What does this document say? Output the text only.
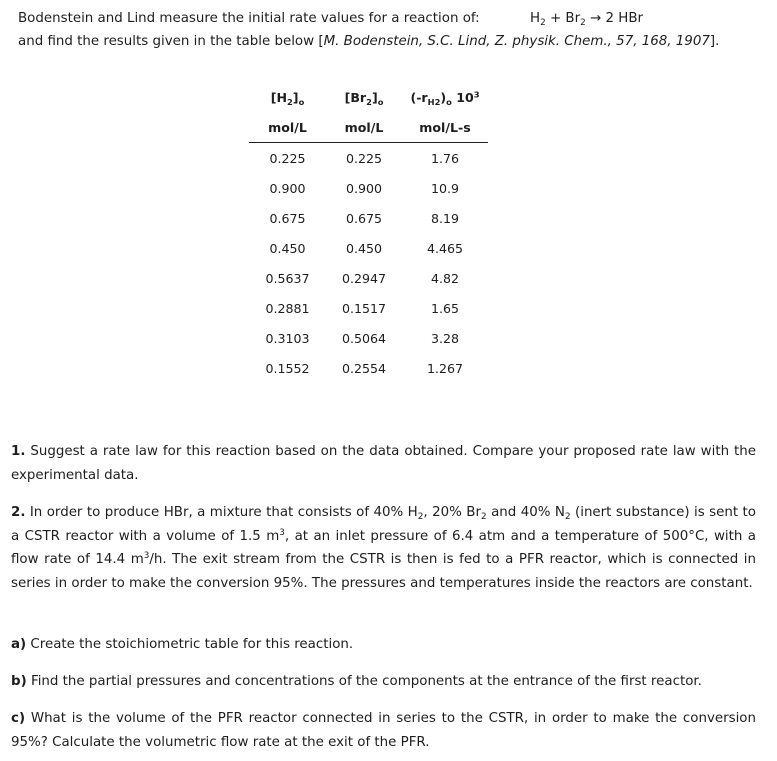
Bodenstein and Lind measure the initial rate values for a reaction of:	$H_2 + Br_2 \to 2$ HBr
and find the results given in the table below [M. Bodenstein, S.C. Lind, Z. physik. Chem., 57, 168, 1907].
$[H_2]_o$	$[Br_2]_o$	$(-r_{H2})_o$ $10^3$
mol/L	mol/L	mol/L-s
0.225	0.225	1.76
0.900	0.900	10.9
0.675	0.675	8.19
0.450	0.450	4.465
0.5637	0.2947	4.82
0.2881	0.1517	1.65
0.3103	0.5064	3.28
0.1552	0.2554	1.267
1. Suggest a rate law for this reaction based on the data obtained. Compare your proposed rate law with the experimental data.
2. In order to produce HBr, a mixture that consists of 40% $H_2$, 20% $Br_2$ and 40% $N_2$ (inert substance) is sent to a CSTR reactor with a volume of 1.5 $m^3$, at an inlet pressure of 6.4 atm and a temperature of 500°C, with a flow rate of 14.4 $m^3/h$. The exit stream from the CSTR is then is fed to a PFR reactor, which is connected in series in order to make the conversion 95%. The pressures and temperatures inside the reactors are constant.
a) Create the stoichiometric table for this reaction.
b) Find the partial pressures and concentrations of the components at the entrance of the first reactor.
c) What is the volume of the PFR reactor connected in series to the CSTR, in order to make the conversion 95%? Calculate the volumetric flow rate at the exit of the PFR.
